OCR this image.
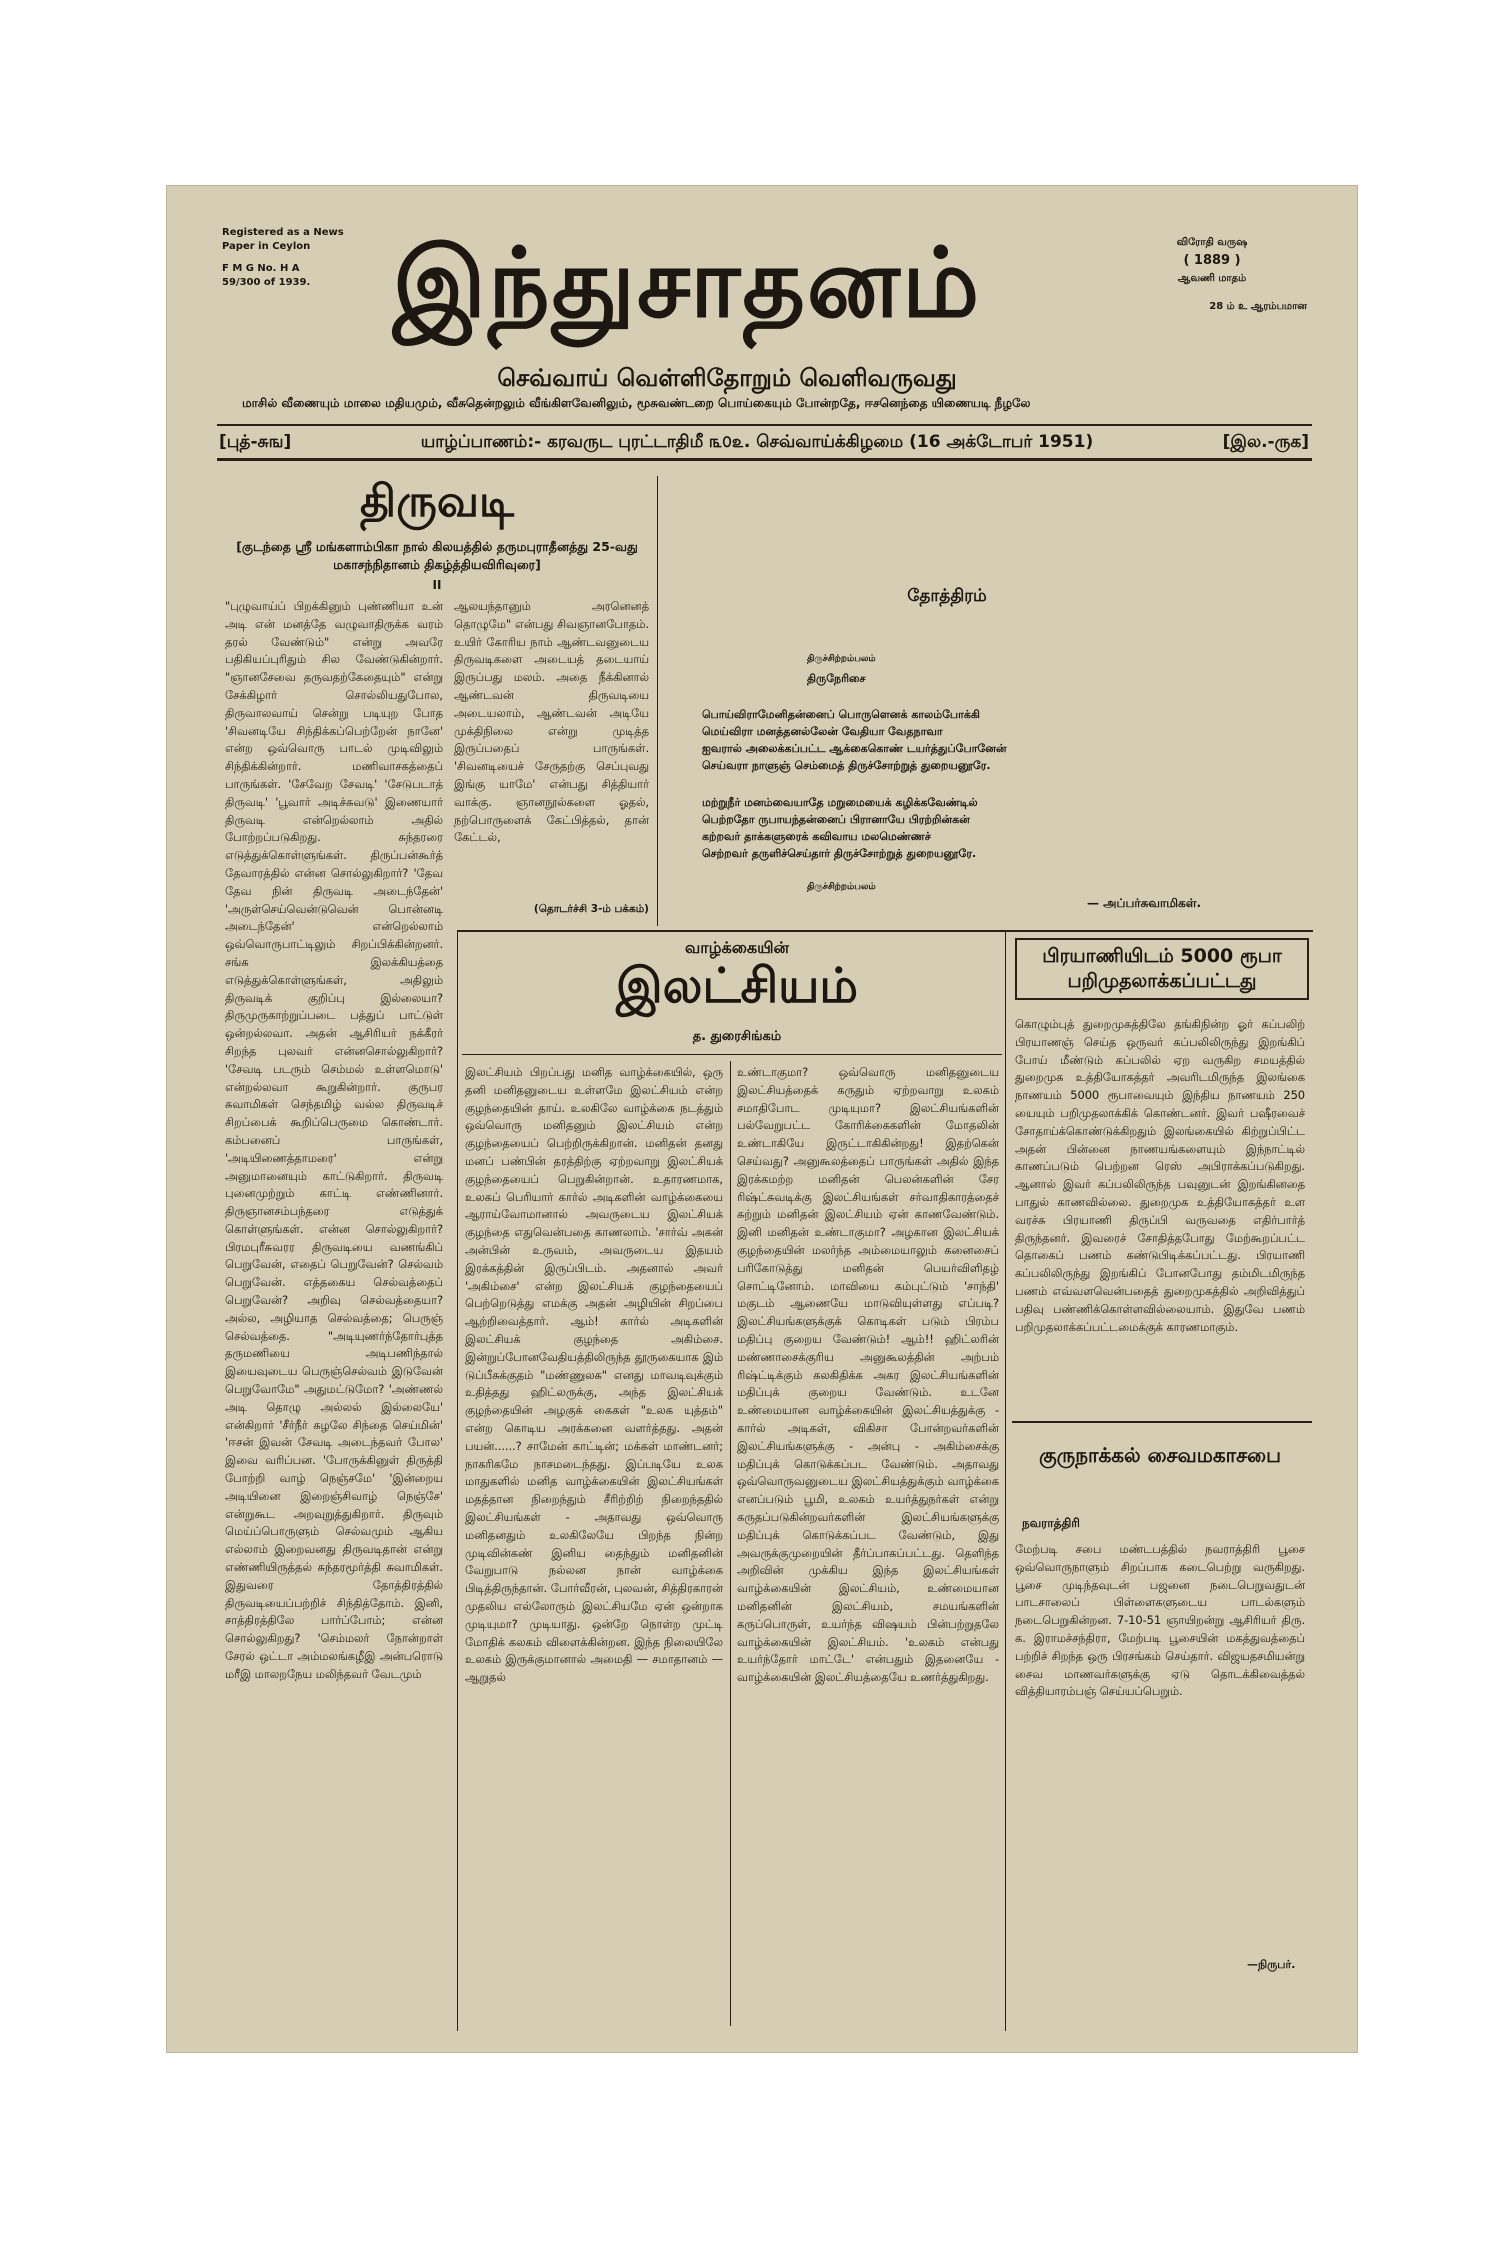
Registered as a News
Paper in Ceylon
F M G No. H A
59/300 of 1939. இந்துசாதனம்	விரோதி வருஷ
( 1889 )
ஆவணி மாதம்
28 ம் உ ஆரம்பமான
செவ்வாய் வெள்ளிதோறும் வெளிவருவது
மாசில் வீணையும் மாலை மதியமும், வீசுதென்றலும் வீங்கிளவேனிலும், மூசுவண்டறை பொய்கையும் போன்றதே, ஈசனெந்தை யிணையடி நீழலே
[புத்-சுங]	யாழ்ப்பாணம்:- கரவருட புரட்டாதிமீ ௩௦௨. செவ்வாய்க்கிழமை (16 அக்டோபர் 1951)	[இல.-ருக]
திருவடி
[குடந்தை ஸ்ரீ மங்களாம்பிகா நால் கிலயத்தில் தருமபுராதீனத்து 25-வது மகாசந்நிதானம் திகழ்த்தியவிரிவுரை]
II
"புழுவாய்ப் பிறக்கினும் புண்ணியா உன் அடி என் மனத்தே வழுவாதிருக்க வரம் தரல் வேண்டும்" என்று அவரே பதிகியப்புரிதும் சில வேண்டுகின்றார். "ஞானசேவை தருவதற்கேதையும்" என்று சேக்கிழார் சொல்லியதுபோல, திருவாலவாய் சென்று படியுற போத 'சிவனடியே சிந்திக்கப்பெற்றேன் நானே' என்ற ஒவ்வொரு பாடல் முடிவிலும் சிந்திக்கின்றார். மணிவாசகத்தைப் பாருங்கள். 'சேவேற சேவடி' 'சேடுபடாத் திருவடி' 'பூவார் அடிச்சுவடு' இணையார் திருவடி என்றெல்லாம் அதில் போற்றப்படுகிறது. சுந்தரரை எடுத்துக்கொள்ளுங்கள். திருப்பன்கூர்த் தேவாரத்தில் என்ன சொல்லுகிறார்? 'தேவ தேவ நின் திருவடி அடைந்தேன்' 'அருள்செய்வென்டுவென் பொன்னடி அடைந்தேன்' என்றெல்லாம் ஒவ்வொருபாட்டிலும் சிறப்பிக்கின்றனர். சங்க இலக்கியத்தை எடுத்துக்கொள்ளுங்கள், அதிலும் திருவடிக் குறிப்பு இல்லையா? திருமுருகாற்றுப்படை பத்துப் பாட்டுள் ஒன்றல்லவா. அதன் ஆசிரியர் நக்கீரர் சிறந்த புலவர் என்னசொல்லுகிறார்? 'சேவடி படரும் செம்மல் உள்ளமொடு' என்றல்லவா கூறுகின்றார். குருபர சுவாமிகள் செந்தமிழ் வல்ல திருவடிச் சிறப்பைக் கூறிப்பெருமை கொண்டார். கம்பனைப் பாருங்கள், 'அடியிணைத்தாமரை' என்று அனுமானையும் காட்டுகிறார். திருவடி புனைமுற்றும் காட்டி எண்ணினார். திருஞானசம்பந்தரை எடுத்துக் கொள்ளுங்கள். என்ன சொல்லுகிறார்? பிரமபுரீசுவரர திருவடியை வணங்கிப் பெறுவேன், எதைப் பெறுவேன்? செல்வம் பெறுவேன். எத்தகைய செல்வத்தைப் பெறுவேன்? அறிவு செல்வத்தையா? அல்ல, அழியாத செல்வத்தை; பெருஞ் செல்வத்தை. "அடியுணர்ந்தோர்புத்த தருமணியை அடிபணிந்தால் இயைவுடைய பெருஞ்செல்வம் இடுவேன் பெறுவோமே" அதுமட்டுமோ? 'அண்ணல் அடி தொழு அல்லல் இல்லையே' என்கிறார் 'சீர்நீர் கழலே சிந்தை செய்மின்' 'ஈசன் இவன் சேவடி அடைந்தவர் போல' இவை வரிப்பன. 'போருக்கினுள் திருத்தி போற்றி வாழ் நெஞ்சமே' 'இன்றைய அடியினை இறைஞ்சிவாழ் நெஞ்சே' என்றுகூட அறவுறுத்துகிறார். திருவும் மெய்ப்பொருளும் செல்வமும் ஆகிய எல்லாம் இறைவனது திருவடிதான் என்று எண்ணியிருத்தல் சுந்தரமூர்த்தி சுவாமிகள். இதுவரை தோத்திரத்தில் திருவடியைப்பற்றிச் சிந்தித்தோம். இனி, சாத்திரத்திலே பார்ப்போம்; என்ன சொல்லுகிறது? 'செம்மலர் நோன்றாள் சேரல் ஒட்டா அம்மலங்கழீஇ அன்பரொடு மரீஇ மாலறநேய மலிந்தவர் வேடமும்
ஆலயந்தானும் அரனெனத் தொழுமே" என்பது சிவஞானபோதம். உயிர் கோரிய நாம் ஆண்டவனுடைய திருவடிகளை அடையத் தடையாய் இருப்பது மலம். அதை நீக்கினால் ஆண்டவன் திருவடியை அடையலாம், ஆண்டவன் அடியே முக்திநிலை என்று முடித்த இருப்பதைப் பாருங்கள். 'சிவனடியைச் சேருதற்கு செப்புவது இங்கு யாமே' என்பது சித்தியார் வாக்கு. ஞானநூல்களை ஓதல், நற்பொருளைக் கேட்பித்தல், தான் கேட்டல்,
(தொடர்ச்சி 3-ம் பக்கம்)
தோத்திரம்
திருச்சிற்றம்பலம்
திருநேரிசை
பொய்விராமேனிதன்னைப் பொருளெனக் காலம்போக்கி
மெய்விரா மனத்தனல்லேன் வேதியா வேதநாவா
ஐவரால் அலைக்கப்பட்ட ஆக்கைகொண் டயர்த்துப்போனேன்
செய்வரா நாளுஞ் செம்மைத் திருச்சோற்றுத் துறையனூரே.
மற்றுநீர் மனம்வையாதே மறுமையைக் கழிக்கவேண்டில்
பெற்றதோ ருபாயந்தன்னைப் பிரானாயே பிரற்றின்கன்
கற்றவர் தாக்களுரைக் கவிவாய மலமெண்ணச்
செற்றவர் தருளிச்செய்தார் திருச்சோற்றுத் துறையனூரே.
திருச்சிற்றம்பலம்
— அப்பர்சுவாமிகள்.
வாழ்க்கையின்
இலட்சியம்
த. துரைசிங்கம்
இலட்சியம் பிறப்பது மனித வாழ்க்கையில், ஒரு தனி மனிதனுடைய உள்ளமே இலட்சியம் என்ற குழந்தையின் தாய். உலகிலே வாழ்க்கை நடத்தும் ஒவ்வொரு மனிதனும் இலட்சியம் என்ற குழந்தையைப் பெற்றிருக்கிறான். மனிதன் தனது மனப் பண்பின் தரத்திற்கு ஏற்றவாறு இலட்சியக் குழந்தையைப் பெறுகின்றான். உதாரணமாக, உலகப் பெரியார் கார்ல் அடிகளின் வாழ்க்கையை ஆராய்வோமானால் அவருடைய இலட்சியக் குழந்தை எதுவென்பதை காணலாம். 'சார்வ் அகன் அன்பின் உருவம், அவருடைய இதயம் இரக்கத்தின் இருப்பிடம். அதனால் அவர் 'அகிம்சை' என்ற இலட்சியக் குழந்தையைப் பெற்றெடுத்து எமக்கு அதன் அழியின் சிறப்பை ஆற்றிவைத்தார். ஆம்! கார்ல் அடிகளின் இலட்சியக் குழந்தை அகிம்சை. இன்றுப்போனவேதியத்திலிருந்த தூருகையாக இம் டுப்பீசுக்குதம் "மண்ணுலக" எனது மாவடிவுக்கும் உதித்தது ஹிட்லருக்கு, அந்த இலட்சியக் குழந்தையின் அழகுக் கைகள் "உலக யுத்தம்" என்ற கொடிய அரக்கனை வளர்த்தது. அதன் பயன்......? சாமேன் காட்டின்; மக்கள் மாண்டனர்; நாகரிகமே நாசமடைந்தது. இப்படியே உலக மாதுகளில் மனித வாழ்க்கையின் இலட்சியங்கள் மதத்தான நிறைந்தும் சீரிற்றிற் நிறைந்ததில் இலட்சியங்கள் - அதாவது ஒவ்வொரு மனிதனதும் உலகிலேயே பிறந்த நின்ற முடிவின்கண் இனிய தைந்தும் மனிதனின் வேறுபாடு நல்லன நான் வாழ்க்கை பிடித்திருந்தான். போர்வீரன், புலவன், சித்திரகாரன் முதலிய எல்லோரும் இலட்சியமே ஏன் ஒன்றாக முடியுமா? முடியாது. ஒன்றே நொள்ற முட்டி மோதிக் கலகம் விளைக்கின்றன. இந்த நிலையிலே உலகம் இருக்குமானால் அமைதி — சமாதானம் — ஆறுதல்
உண்டாகுமா? ஒவ்வொரு மனிதனுடைய இலட்சியத்தைக் கருதும் ஏற்றவாறு உலகம் சமாதிபோட முடியுமா? இலட்சியங்களின் பல்வேறுபட்ட கோரிக்கைகளின் மோதலின் உண்டாகியே இருட்டாகிகின்றது! இதற்கென் செய்வது? அனுகூலத்தைப் பாருங்கள் அதில் இந்த இரக்கமற்ற மனிதன் பெலன்களின் சேர ரிஷ்ட்சுவடிக்கு இலட்சியங்கள் சர்வாதிகாரத்தைச் சுற்றும் மனிதன் இலட்சியம் ஏன் காணவேண்டும். இனி மனிதன் உண்டாகுமா? அழகான இலட்சியக் குழந்தையின் மலர்ந்த அம்மையாலும் கனைசைப் பரிகோடுத்து மனிதன் பெயர்விளிதழ் சொட்டினோம். மாவியை கம்புட்டும் 'சாந்தி' மகுடம் ஆணையே மாடுவியுள்ளது எப்படி? இலட்சியங்களுக்குக் கொடிகள் படும் பிரம்ப மதிப்பு குறைய வேண்டும்! ஆம்!! ஹிட்லரின் மண்ணாசைக்குரிய அனுகூலத்தின் அற்பம் ரிஷ்ட்டிக்கும் கலகிதிக்க அகர இலட்சியங்களின் மதிப்புக் குறைய வேண்டும். உடனே உண்மையான வாழ்க்கையின் இலட்சியத்துக்கு - கார்ல் அடிகள், விகிசா போன்றவர்களின் இலட்சியங்களுக்கு - அன்பு - அகிம்சைக்கு மதிப்புக் கொடுக்கப்பட வேண்டும். அதாவது ஒவ்வொருவனுடைய இலட்சியத்துக்கும் வாழ்க்கை எனப்படும் பூமி, உலகம் உயர்த்துநர்கள் என்று கருதப்படுகின்றவர்களின் இலட்சியங்களுக்கு மதிப்புக் கொடுக்கப்பட வேண்டும், இது அவருக்குமுறையின் தீர்ப்பாகப்பட்டது. தெளிந்த அறிவின் முக்கிய இந்த இலட்சியங்கள் வாழ்க்கையின் இலட்சியம், உண்மையான மனிதனின் இலட்சியம், சமயங்களின் கருப்பொருள், உயர்ந்த விஷயம் பின்பற்றுதலே வாழ்க்கையின் இலட்சியம். 'உலகம் என்பது உயர்ந்தோர் மாட்டே' என்பதும் இதனையே - வாழ்க்கையின் இலட்சியத்தையே உணர்த்துகிறது.
பிரயாணியிடம் 5000 ரூபா பறிமுதலாக்கப்பட்டது
கொழும்புத் துறைமுகத்திலே தங்கிநின்ற ஓர் கப்பலிற் பிரயாணஞ் செய்த ஒருவர் கப்பலிலிருந்து இறங்கிப் போய் மீண்டும் கப்பலில் ஏற வருகிற சமயத்தில் துறைமுக உத்தியோகத்தர் அவரிடமிருந்த இலங்கை நாணயம் 5000 ரூபாவையும் இந்திய நாணயம் 250 யையும் பறிமுதலாக்கிக் கொண்டனர். இவர் பஷீரவைச் சோதாய்க்கொண்டுக்கிறதும் இலங்கையில் கிற்றுப்பிட்ட அதன் பின்னை நாணயங்களையும் இந்நாட்டில் காணப்படும் பெற்றன ரெஸ் அபிராக்கப்படுகிறது. ஆனால் இவர் கப்பலிலிருந்த பவுனுடன் இறங்கினதை பாதுல் காணவில்லை. துறைமுக உத்தியோகத்தர் உள வரச்சு பிரயாணி திருப்பி வருவதை எதிர்பார்த் திருந்தனர். இவரைச் சோதித்தபோது மேற்கூறப்பட்ட தொகைப் பணம் கண்டுபிடிக்கப்பட்டது. பிரயாணி கப்பலிலிருந்து இறங்கிப் போனபோது தம்மிடமிருந்த பணம் எவ்வளவென்பதைத் துறைமுகத்தில் அறிவித்துப் பதிவு பண்ணிக்கொள்ளவில்லையாம். இதுவே பணம் பறிமுதலாக்கப்பட்டமைக்குக் காரணமாகும்.
குருநாக்கல் சைவமகாசபை
நவராத்திரி
மேற்படி சபை மண்டபத்தில் நவராத்திரி பூசை ஒவ்வொருநாளும் சிறப்பாக கடைபெற்று வருகிறது. பூசை முடிந்தவுடன் பஜனை நடைபெறுவதுடன் பாடசாலைப் பிள்ளைகளுடைய பாடல்களும் நடைபெறுகின்றன. 7-10-51 ஞாயிறன்று ஆசிரியர் திரு. க. இராமச்சந்திரா, மேற்படி பூசையின் மகத்துவத்தைப் பற்றிச் சிறந்த ஒரு பிரசங்கம் செய்தார். விஜயதசமியன்று சைவ மாணவர்களுக்கு ஏடு தொடக்கிவைத்தல் வித்தியாரம்பஞ் செய்யப்பெறும்.
—நிருபர்.
